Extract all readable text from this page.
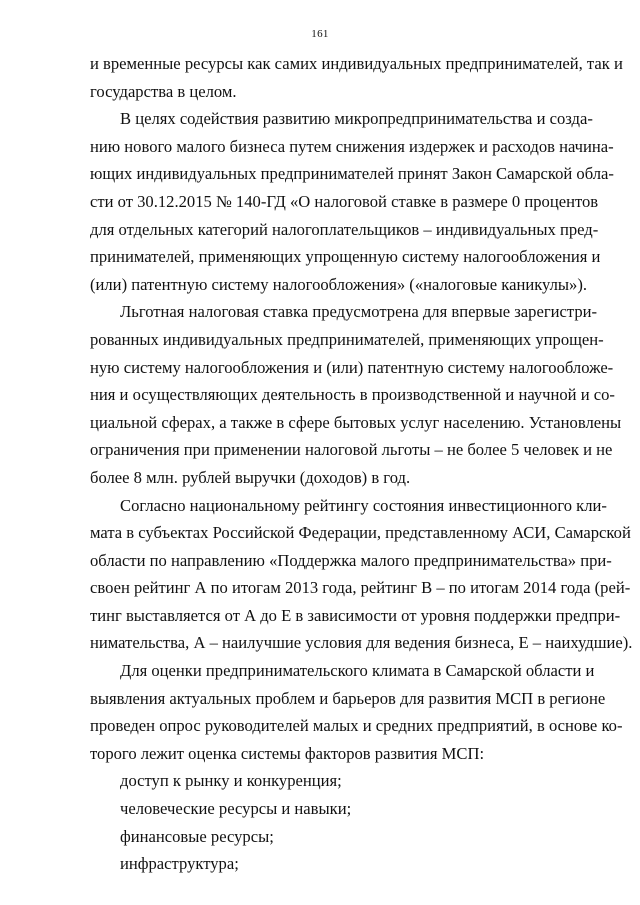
161

и временные ресурсы как самих индивидуальных предпринимателей, так и
государства в целом.

В целях содействия развитию микропредпринимательства и созда-
нию нового малого бизнеса путем снижения издержек и расходов начина-
ющих индивидуальных предпринимателей принят Закон Самарской обла-
сти от 30.12.2015 № 140-ГД «О налоговой ставке в размере 0 процентов
для отдельных категорий налогоплательщиков – индивидуальных пред-
принимателей, применяющих упрощенную систему налогообложения и
(или) патентную систему налогообложения» («налоговые каникулы»).

Льготная налоговая ставка предусмотрена для впервые зарегистри-
рованных индивидуальных предпринимателей, применяющих упрощен-
ную систему налогообложения и (или) патентную систему налогообложе-
ния и осуществляющих деятельность в производственной и научной и со-
циальной сферах, а также в сфере бытовых услуг населению. Установлены
ограничения при применении налоговой льготы – не более 5 человек и не
более 8 млн. рублей выручки (доходов) в год.

Согласно национальному рейтингу состояния инвестиционного кли-
мата в субъектах Российской Федерации, представленному АСИ, Самарской
области по направлению «Поддержка малого предпринимательства» при-
своен рейтинг А по итогам 2013 года, рейтинг В – по итогам 2014 года (рей-
тинг выставляется от А до Е в зависимости от уровня поддержки предпри-
нимательства, А – наилучшие условия для ведения бизнеса, Е – наихудшие).

Для оценки предпринимательского климата в Самарской области и
выявления актуальных проблем и барьеров для развития МСП в регионе
проведен опрос руководителей малых и средних предприятий, в основе ко-
торого лежит оценка системы факторов развития МСП:

доступ к рынку и конкуренция;

человеческие ресурсы и навыки;

финансовые ресурсы;

инфраструктура;
